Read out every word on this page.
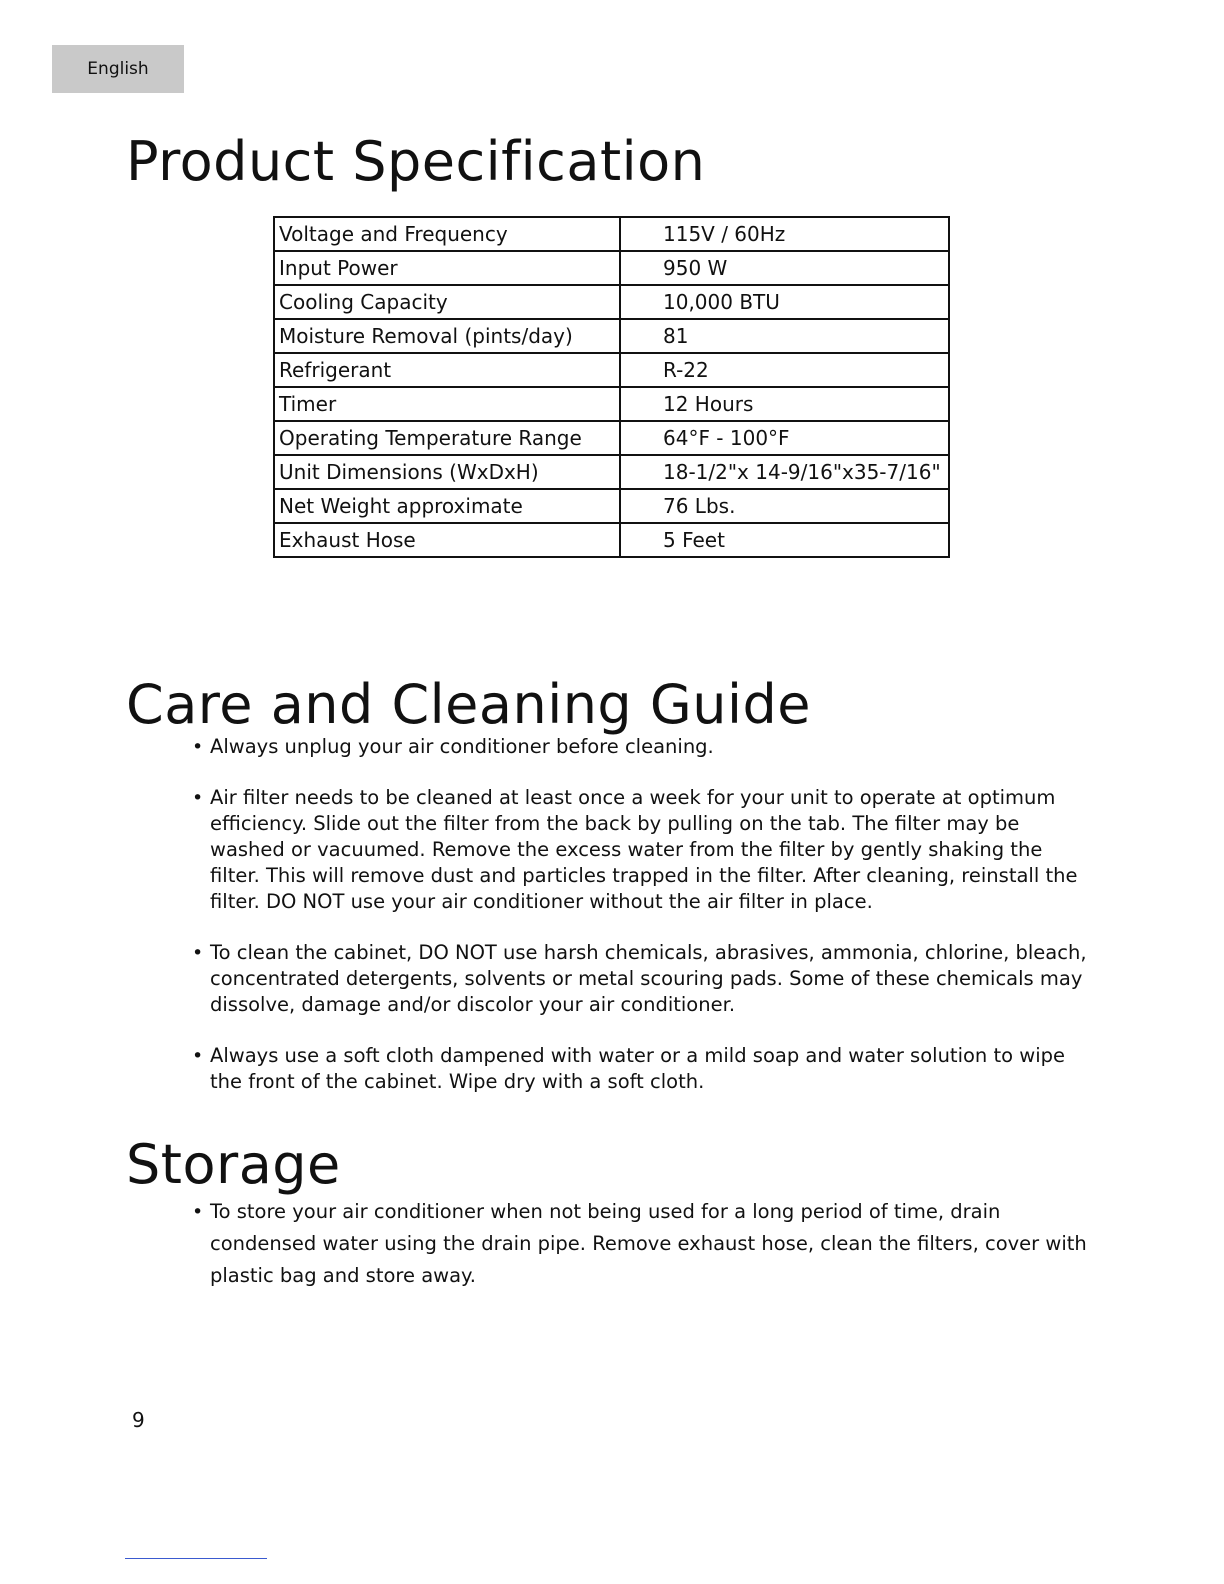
English
Product Specification
Voltage and Frequency	115V / 60Hz
Input Power	950 W
Cooling Capacity	10,000 BTU
Moisture Removal (pints/day)	81
Refrigerant	R-22
Timer	12 Hours
Operating Temperature Range	64°F - 100°F
Unit Dimensions (WxDxH)	18-1/2"x 14-9/16"x35-7/16"
Net Weight approximate	76 Lbs.
Exhaust Hose	5 Feet
Care and Cleaning Guide
• Always unplug your air conditioner before cleaning.
• Air filter needs to be cleaned at least once a week for your unit to operate at optimum efficiency. Slide out the filter from the back by pulling on the tab. The filter may be washed or vacuumed. Remove the excess water from the filter by gently shaking the filter. This will remove dust and particles trapped in the filter. After cleaning, reinstall the filter. DO NOT use your air conditioner without the air filter in place.
• To clean the cabinet, DO NOT use harsh chemicals, abrasives, ammonia, chlorine, bleach, concentrated detergents, solvents or metal scouring pads. Some of these chemicals may dissolve, damage and/or discolor your air conditioner.
• Always use a soft cloth dampened with water or a mild soap and water solution to wipe the front of the cabinet. Wipe dry with a soft cloth.
Storage
• To store your air conditioner when not being used for a long period of time, drain condensed water using the drain pipe. Remove exhaust hose, clean the filters, cover with plastic bag and store away.
9
